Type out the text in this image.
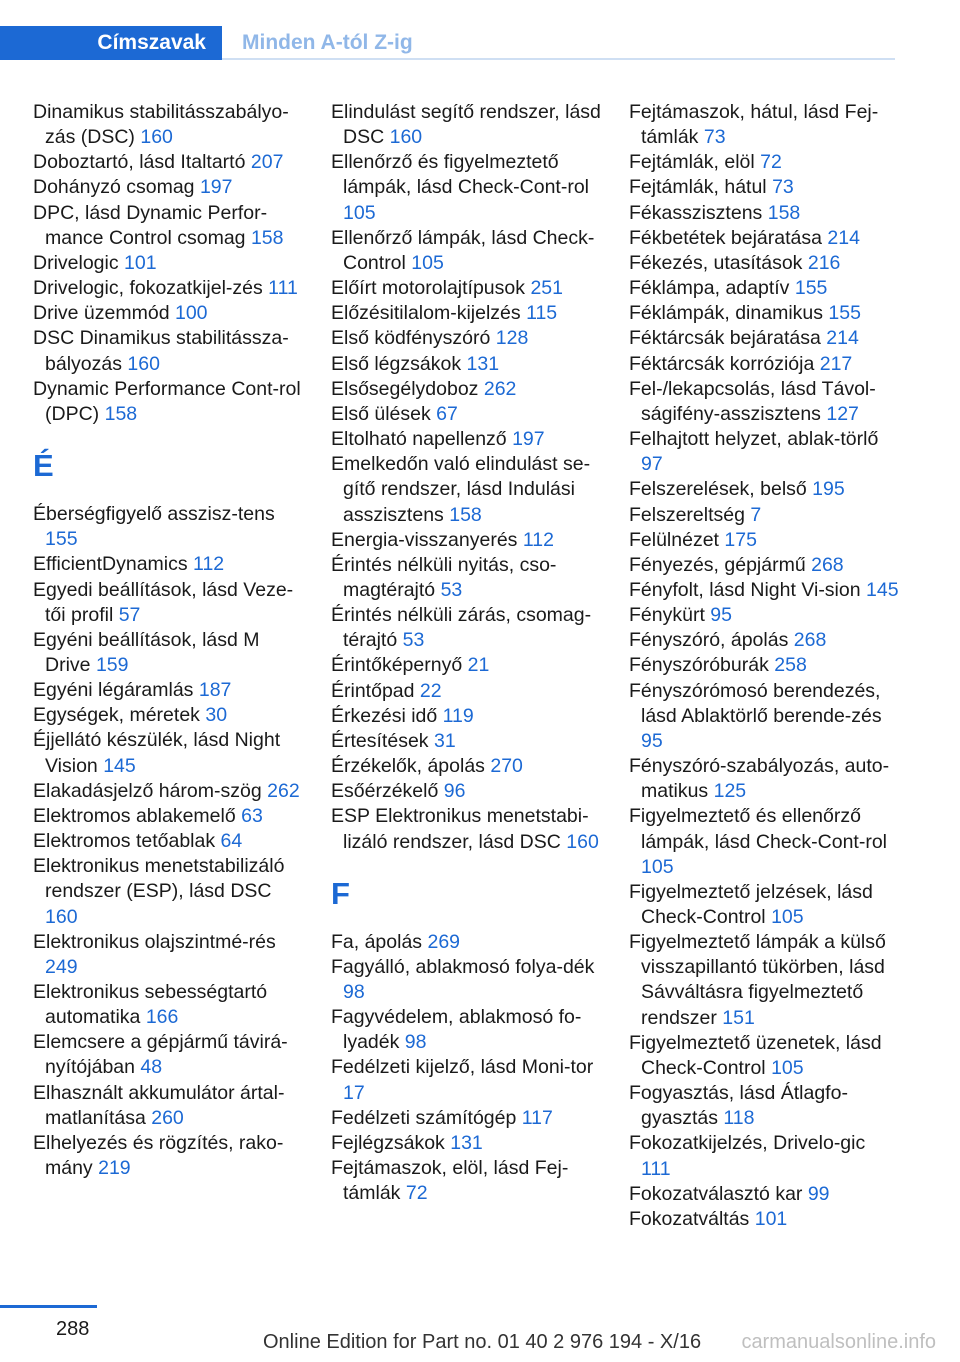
Címszavak	Minden A-tól Z-ig
Dinamikus stabilitásszabályo‐zás (DSC) 160
Doboztartó, lásd Italtartó 207
Dohányzó csomag 197
DPC, lásd Dynamic Perfor‐mance Control csomag 158
Drivelogic 101
Drivelogic, fokozatkijel‐zés 111
Drive üzemmód 100
DSC Dinamikus stabilitássza‐bályozás 160
Dynamic Performance Cont‐rol (DPC) 158
É
Éberségfigyelő asszisz‐tens 155
EfficientDynamics 112
Egyedi beállítások, lásd Veze‐tői profil 57
Egyéni beállítások, lásd M Drive 159
Egyéni légáramlás 187
Egységek, méretek 30
Éjjellátó készülék, lásd Night Vision 145
Elakadásjelző három‐szög 262
Elektromos ablakemelő 63
Elektromos tetőablak 64
Elektronikus menetstabilizáló rendszer (ESP), lásd DSC 160
Elektronikus olajszintmé‐rés 249
Elektronikus sebességtartó automatika 166
Elemcsere a gépjármű távirá‐nyítójában 48
Elhasznált akkumulátor ártal‐matlanítása 260
Elhelyezés és rögzítés, rako‐mány 219
Elindulást segítő rendszer, lásd DSC 160
Ellenőrző és figyelmeztető lámpák, lásd Check-Cont‐rol 105
Ellenőrző lámpák, lásd Check-Control 105
Előírt motorolajtípusok 251
Előzésitilalom-kijelzés 115
Első ködfényszóró 128
Első légzsákok 131
Elsősegélydoboz 262
Első ülések 67
Eltolható napellenző 197
Emelkedőn való elindulást se‐gítő rendszer, lásd Indulási asszisztens 158
Energia-visszanyerés 112
Érintés nélküli nyitás, cso‐magtérajtó 53
Érintés nélküli zárás, csomag‐térajtó 53
Érintőképernyő 21
Érintőpad 22
Érkezési idő 119
Értesítések 31
Érzékelők, ápolás 270
Esőérzékelő 96
ESP Elektronikus menetstabi‐lizáló rendszer, lásd DSC 160
F
Fa, ápolás 269
Fagyálló, ablakmosó folya‐dék 98
Fagyvédelem, ablakmosó fo‐lyadék 98
Fedélzeti kijelző, lásd Moni‐tor 17
Fedélzeti számítógép 117
Fejlégzsákok 131
Fejtámaszok, elöl, lásd Fej‐támlák 72
Fejtámaszok, hátul, lásd Fej‐támlák 73
Fejtámlák, elöl 72
Fejtámlák, hátul 73
Fékasszisztens 158
Fékbetétek bejáratása 214
Fékezés, utasítások 216
Féklámpa, adaptív 155
Féklámpák, dinamikus 155
Féktárcsák bejáratása 214
Féktárcsák korróziója 217
Fel-/lekapcsolás, lásd Távol‐ságifény-asszisztens 127
Felhajtott helyzet, ablak‐törlő 97
Felszerelések, belső 195
Felszereltség 7
Felülnézet 175
Fényezés, gépjármű 268
Fényfolt, lásd Night Vi‐sion 145
Fénykürt 95
Fényszóró, ápolás 268
Fényszóróburák 258
Fényszórómosó berendezés, lásd Ablaktörlő berende‐zés 95
Fényszóró-szabályozás, auto‐matikus 125
Figyelmeztető és ellenőrző lámpák, lásd Check-Cont‐rol 105
Figyelmeztető jelzések, lásd Check-Control 105
Figyelmeztető lámpák a külső visszapillantó tükörben, lásd Sávváltásra figyelmeztető rendszer 151
Figyelmeztető üzenetek, lásd Check-Control 105
Fogyasztás, lásd Átlagfo‐gyasztás 118
Fokozatkijelzés, Drivelo‐gic 111
Fokozatválasztó kar 99
Fokozatváltás 101
288
Online Edition for Part no. 01 40 2 976 194 - X/16 carmanualsonline.info
